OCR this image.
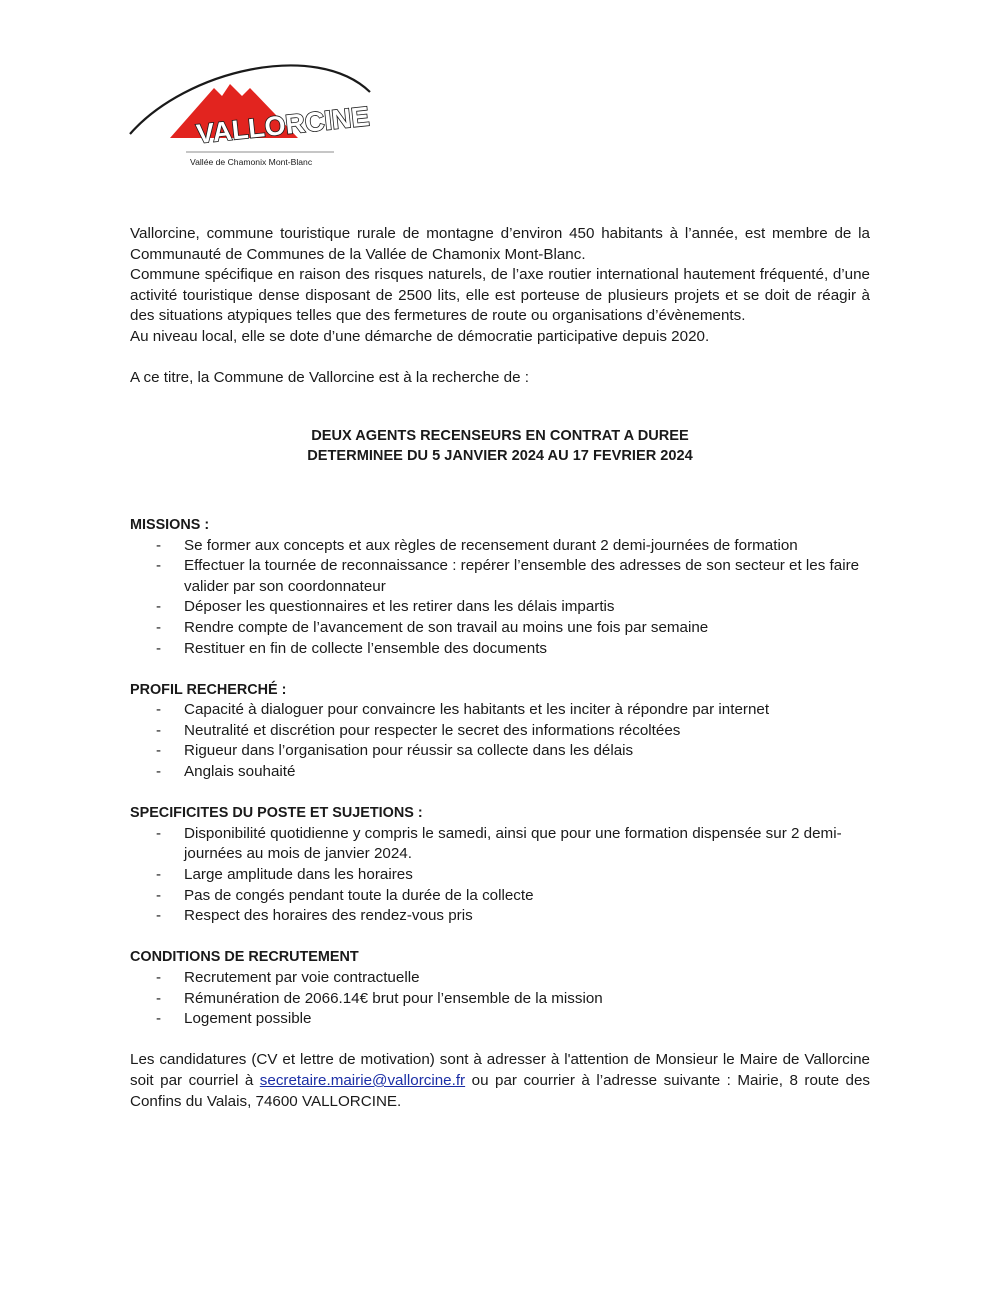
VALLORCINE
Vallée de Chamonix Mont-Blanc

Vallorcine, commune touristique rurale de montagne d’environ 450 habitants à l’année, est membre de la Communauté de Communes de la Vallée de Chamonix Mont-Blanc.

Commune spécifique en raison des risques naturels, de l’axe routier international hautement fréquenté, d’une activité touristique dense disposant de 2500 lits, elle est porteuse de plusieurs projets et se doit de réagir à des situations atypiques telles que des fermetures de route ou organisations d’évènements.

Au niveau local, elle se dote d’une démarche de démocratie participative depuis 2020.

A ce titre, la Commune de Vallorcine est à la recherche de :

DEUX AGENTS RECENSEURS EN CONTRAT A DUREE
DETERMINEE DU 5 JANVIER 2024 AU 17 FEVRIER 2024
MISSIONS :
- Se former aux concepts et aux règles de recensement durant 2 demi-journées de formation
- Effectuer la tournée de reconnaissance : repérer l’ensemble des adresses de son secteur et les faire valider par son coordonnateur
- Déposer les questionnaires et les retirer dans les délais impartis
- Rendre compte de l’avancement de son travail au moins une fois par semaine
- Restituer en fin de collecte l’ensemble des documents
PROFIL RECHERCHÉ :
- Capacité à dialoguer pour convaincre les habitants et les inciter à répondre par internet
- Neutralité et discrétion pour respecter le secret des informations récoltées
- Rigueur dans l’organisation pour réussir sa collecte dans les délais
- Anglais souhaité
SPECIFICITES DU POSTE ET SUJETIONS :
- Disponibilité quotidienne y compris le samedi, ainsi que pour une formation dispensée sur 2 demi-journées au mois de janvier 2024.
- Large amplitude dans les horaires
- Pas de congés pendant toute la durée de la collecte
- Respect des horaires des rendez-vous pris
CONDITIONS DE RECRUTEMENT
- Recrutement par voie contractuelle
- Rémunération de 2066.14€ brut pour l’ensemble de la mission
- Logement possible

Les candidatures (CV et lettre de motivation) sont à adresser à l'attention de Monsieur le Maire de Vallorcine soit par courriel à secretaire.mairie@vallorcine.fr ou par courrier à l’adresse suivante : Mairie, 8 route des Confins du Valais, 74600 VALLORCINE.
